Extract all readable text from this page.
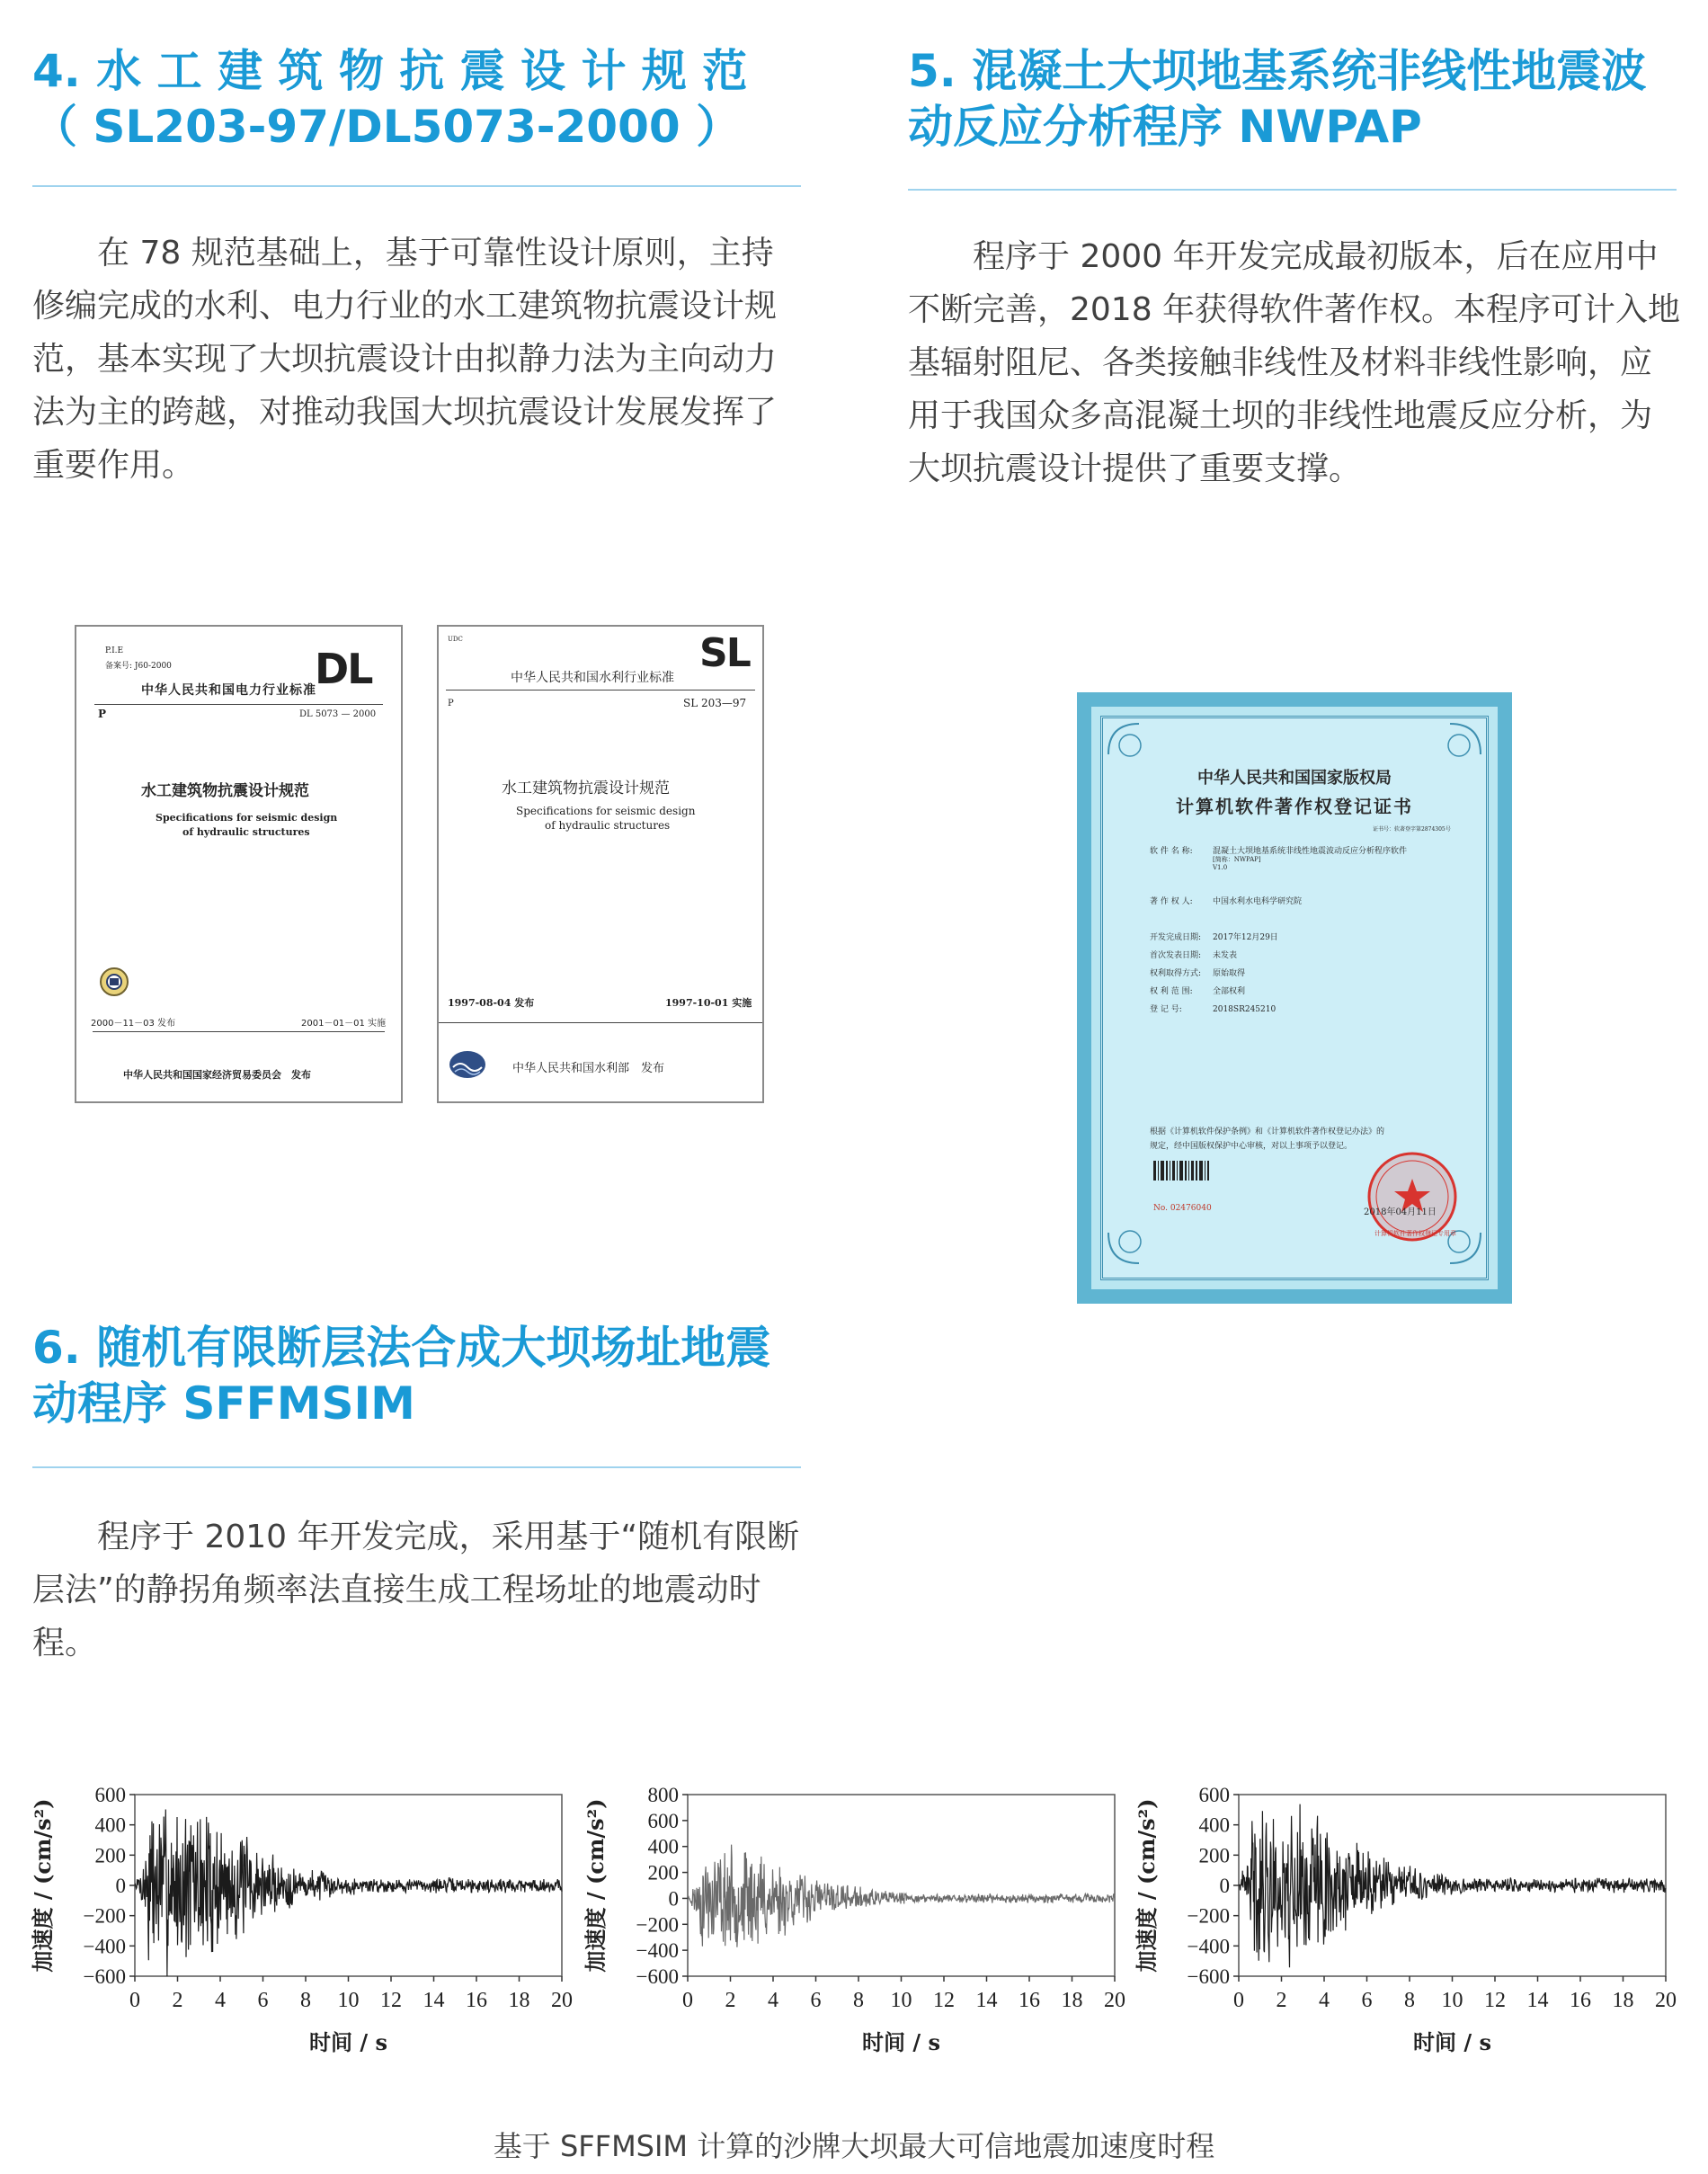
4. 水 工 建 筑 物 抗 震 设 计 规 范
（ SL203-97/DL5073-2000 ）

在 78 规范基础上，基于可靠性设计原则，主持修编完成的水利、电力行业的水工建筑物抗震设计规范，基本实现了大坝抗震设计由拟静力法为主向动力法为主的跨越，对推动我国大坝抗震设计发展发挥了重要作用。

5. 混凝土大坝地基系统非线性地震波
动反应分析程序 NWPAP

程序于 2000 年开发完成最初版本，后在应用中不断完善，2018 年获得软件著作权。本程序可计入地基辐射阻尼、各类接触非线性及材料非线性影响，应用于我国众多高混凝土坝的非线性地震反应分析，为大坝抗震设计提供了重要支撑。

P.I.E
备案号: J60-2000	DL
中华人民共和国电力行业标准
P	DL 5073 — 2000
水工建筑物抗震设计规范
Specifications for seismic design
of hydraulic structures
2000－11－03 发布	2001－01－01 实施
中华人民共和国国家经济贸易委员会　发布
UDC	SL
中华人民共和国水利行业标准
P	SL 203—97
水工建筑物抗震设计规范
Specifications for seismic design
of hydraulic structures
1997-08-04 发布	1997-10-01 实施
中华人民共和国水利部　发布
中华人民共和国国家版权局
计算机软件著作权登记证书
证书号：软著登字第2874305号
软 件 名 称: 混凝土大坝地基系统非线性地震波动反应分析程序软件
[简称：NWPAP]
V1.0
著 作 权 人: 中国水利水电科学研究院
开发完成日期: 2017年12月29日
首次发表日期: 未发表
权利取得方式: 原始取得
权 利 范 围: 全部权利
登 记 号:	2018SR245210
根据《计算机软件保护条例》和《计算机软件著作权登记办法》的
规定，经中国版权保护中心审核，对以上事项予以登记。
计算机软件著作权登记专用章
No. 02476040	2018年04月11日
6. 随机有限断层法合成大坝场址地震
动程序 SFFMSIM

程序于 2010 年开发完成，采用基于“随机有限断层法”的静拐角频率法直接生成工程场址的地震动时程。

−600
−400
−200
0
200
400
600
0 2 4 6 8 10 12 14 16 18 20
加速度 / (cm/s²)
时间 / s
−600
−400
−200
0
200
400
600
800
0 2 4 6 8 10 12 14 16 18 20
加速度 / (cm/s²)
时间 / s
−600
−400
−200
0
200
400
600
0 2 4 6 8 10 12 14 16 18 20
加速度 / (cm/s²)
时间 / s
基于 SFFMSIM 计算的沙牌大坝最大可信地震加速度时程
